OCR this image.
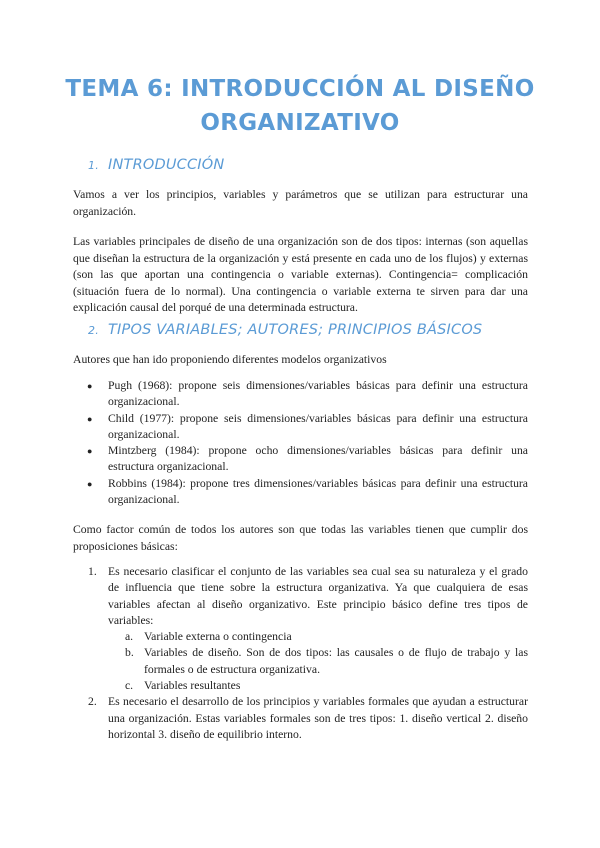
TEMA 6: INTRODUCCIÓN AL DISEÑO
ORGANIZATIVO
1. INTRODUCCIÓN
Vamos a ver los principios, variables y parámetros que se utilizan para estructurar una organización.
Las variables principales de diseño de una organización son de dos tipos: internas (son aquellas que diseñan la estructura de la organización y está presente en cada uno de los flujos) y externas (son las que aportan una contingencia o variable externas). Contingencia= complicación (situación fuera de lo normal). Una contingencia o variable externa te sirven para dar una explicación causal del porqué de una determinada estructura.
2. TIPOS VARIABLES; AUTORES; PRINCIPIOS BÁSICOS
Autores que han ido proponiendo diferentes modelos organizativos
● Pugh (1968): propone seis dimensiones/variables básicas para definir una estructura organizacional.
● Child (1977): propone seis dimensiones/variables básicas para definir una estructura organizacional.
● Mintzberg (1984): propone ocho dimensiones/variables básicas para definir una estructura organizacional.
● Robbins (1984): propone tres dimensiones/variables básicas para definir una estructura organizacional.
Como factor común de todos los autores son que todas las variables tienen que cumplir dos proposiciones básicas:
1. Es necesario clasificar el conjunto de las variables sea cual sea su naturaleza y el grado de influencia que tiene sobre la estructura organizativa. Ya que cualquiera de esas variables afectan al diseño organizativo. Este principio básico define tres tipos de variables:
a. Variable externa o contingencia
b. Variables de diseño. Son de dos tipos: las causales o de flujo de trabajo y las formales o de estructura organizativa.
c. Variables resultantes
2. Es necesario el desarrollo de los principios y variables formales que ayudan a estructurar una organización. Estas variables formales son de tres tipos: 1. diseño vertical 2. diseño horizontal 3. diseño de equilibrio interno.
